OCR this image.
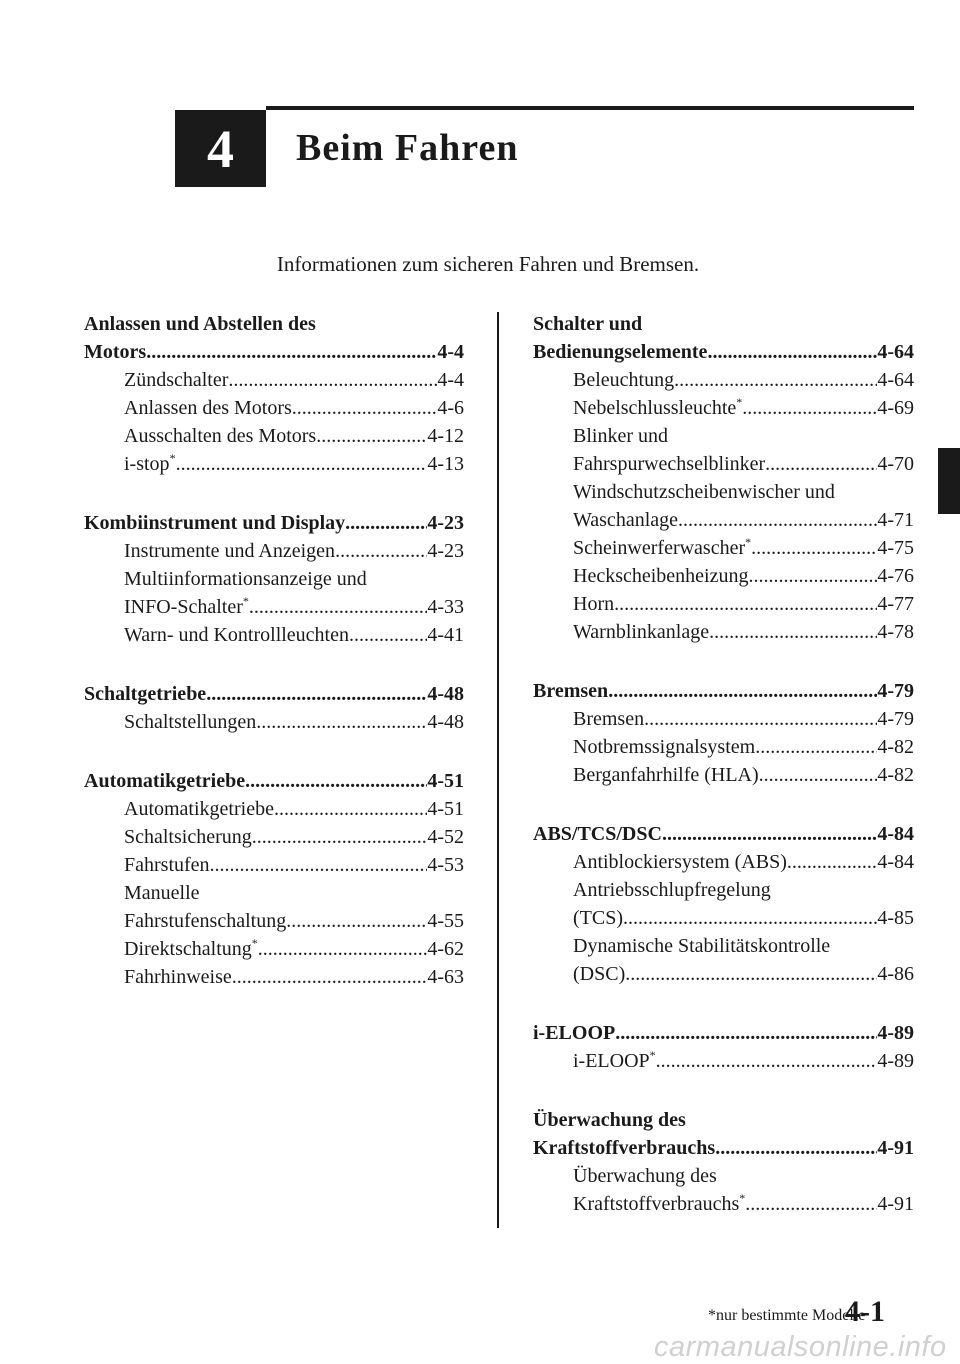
4 Beim Fahren

Informationen zum sicheren Fahren und Bremsen.

Anlassen und Abstellen des
Motors .....	4-4
Zündschalter .....	4-4
Anlassen des Motors .....	4-6
Ausschalten des Motors .....	4-12
i-stop* .....	4-13
Kombiinstrument und Display .....	4-23
Instrumente und Anzeigen .....	4-23
Multiinformationsanzeige und
INFO-Schalter* .....	4-33
Warn- und Kontrollleuchten .....	4-41
Schaltgetriebe .....	4-48
Schaltstellungen .....	4-48
Automatikgetriebe .....	4-51
Automatikgetriebe .....	4-51
Schaltsicherung .....	4-52
Fahrstufen .....	4-53
Manuelle
Fahrstufenschaltung .....	4-55
Direktschaltung* .....	4-62
Fahrhinweise .....	4-63
Schalter und
Bedienungselemente .....	4-64
Beleuchtung .....	4-64
Nebelschlussleuchte* .....	4-69
Blinker und
Fahrspurwechselblinker .....	4-70
Windschutzscheibenwischer und
Waschanlage .....	4-71
Scheinwerferwascher* .....	4-75
Heckscheibenheizung .....	4-76
Horn .....	4-77
Warnblinkanlage .....	4-78
Bremsen .....	4-79
Bremsen .....	4-79
Notbremssignalsystem .....	4-82
Berganfahrhilfe (HLA) .....	4-82
ABS/TCS/DSC .....	4-84
Antiblockiersystem (ABS) .....	4-84
Antriebsschlupfregelung
(TCS) .....	4-85
Dynamische Stabilitätskontrolle
(DSC) .....	4-86
i-ELOOP .....	4-89
i-ELOOP* .....	4-89
Überwachung des
Kraftstoffverbrauchs .....	4-91
Überwachung des
Kraftstoffverbrauchs* .....	4-91
*nur bestimmte Modelle
4-1
carmanualsonline.info
